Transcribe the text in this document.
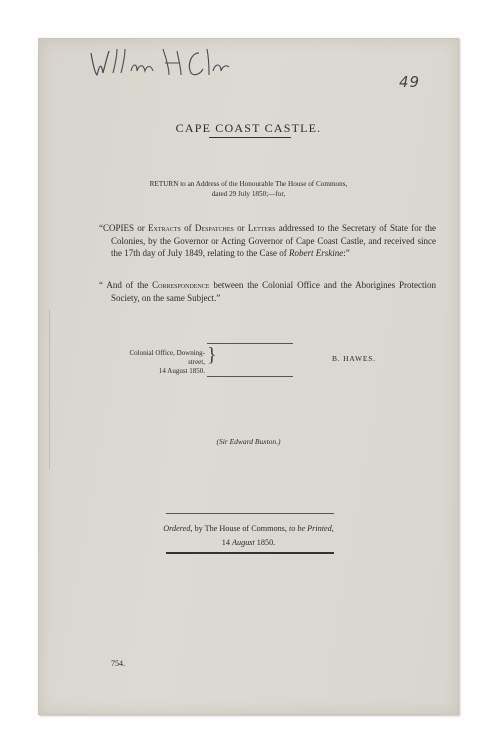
49
CAPE COAST CASTLE.
RETURN to an Address of the Honourable The House of Commons,
dated 29 July 1850;—for,
“COPIES or Extracts of Despatches or Letters addressed to the Secretary of State for the Colonies, by the Governor or Acting Governor of Cape Coast Castle, and received since the 17th day of July 1849, relating to the Case of Robert Erskine:”
“ And of the Correspondence between the Colonial Office and the Aborigines Protection Society, on the same Subject.”
Colonial Office, Downing-street,
14 August 1850.
}	B. HAWES.
(Sir Edward Buxton.)
Ordered, by The House of Commons, to be Printed,
14 August 1850.
754.
